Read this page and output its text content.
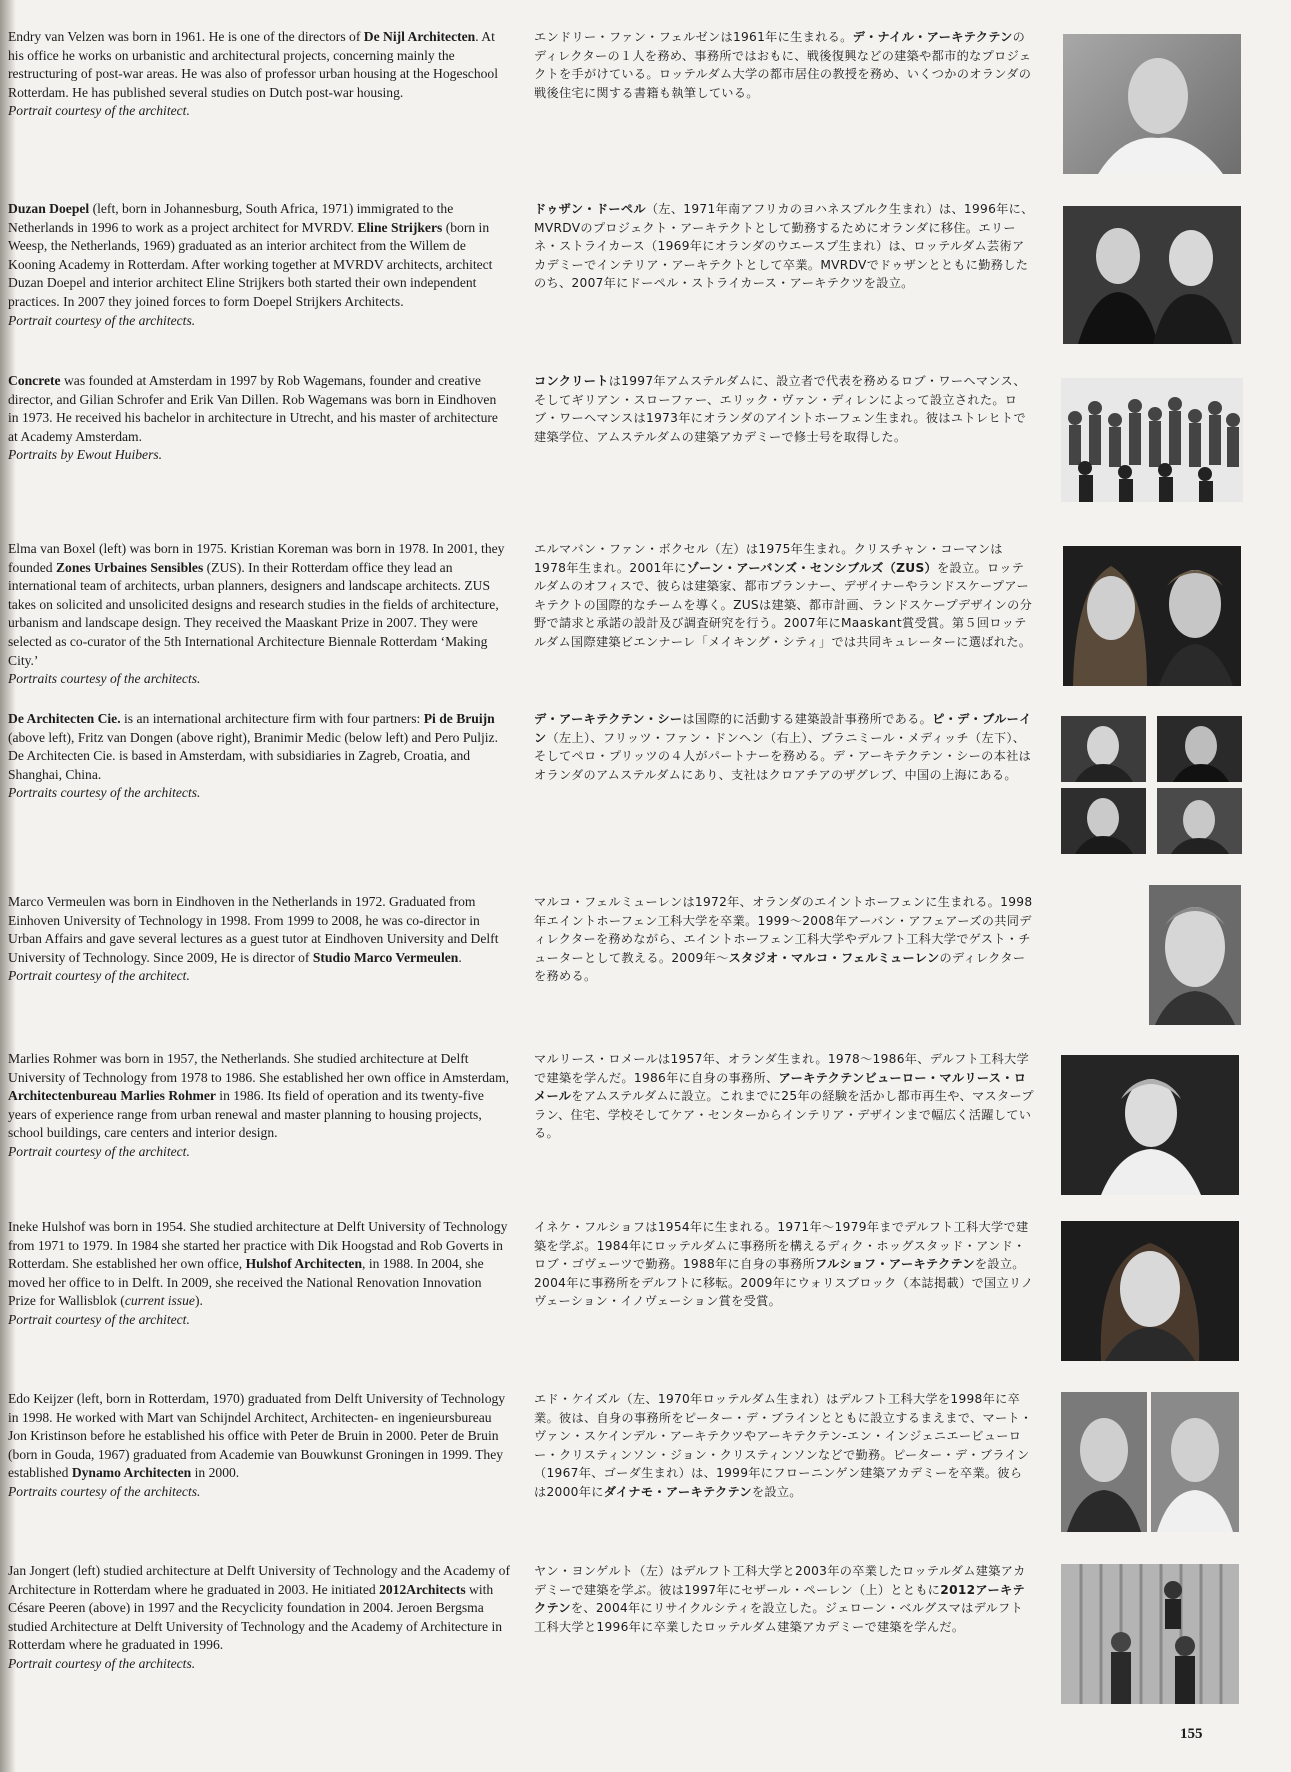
Endry van Velzen was born in 1961. He is one of the directors of De Nijl Architecten. At his office he works on urbanistic and architectural projects, concerning mainly the restructuring of post-war areas. He was also of professor urban housing at the Hogeschool Rotterdam. He has published several studies on Dutch post-war housing.
Portrait courtesy of the architect.

エンドリー・ファン・フェルゼンは1961年に生まれる。デ・ナイル・アーキテクテンのディレクターの１人を務め、事務所ではおもに、戦後復興などの建築や都市的なプロジェクトを手がけている。ロッテルダム大学の都市居住の教授を務め、いくつかのオランダの戦後住宅に関する書籍も執筆している。

Duzan Doepel (left, born in Johannesburg, South Africa, 1971) immigrated to the Netherlands in 1996 to work as a project architect for MVRDV. Eline Strijkers (born in Weesp, the Netherlands, 1969) graduated as an interior architect from the Willem de Kooning Academy in Rotterdam. After working together at MVRDV architects, architect Duzan Doepel and interior architect Eline Strijkers both started their own independent practices. In 2007 they joined forces to form Doepel Strijkers Architects.
Portrait courtesy of the architects.

ドゥザン・ドーペル（左、1971年南アフリカのヨハネスブルク生まれ）は、1996年に、MVRDVのプロジェクト・アーキテクトとして勤務するためにオランダに移住。エリーネ・ストライカース（1969年にオランダのウエースプ生まれ）は、ロッテルダム芸術アカデミーでインテリア・アーキテクトとして卒業。MVRDVでドゥザンとともに勤務したのち、2007年にドーペル・ストライカース・アーキテクツを設立。

Concrete was founded at Amsterdam in 1997 by Rob Wagemans, founder and creative director, and Gilian Schrofer and Erik Van Dillen. Rob Wagemans was born in Eindhoven in 1973. He received his bachelor in architecture in Utrecht, and his master of architecture at Academy Amsterdam.
Portraits by Ewout Huibers.

コンクリートは1997年アムステルダムに、設立者で代表を務めるロブ・ワーヘマンス、そしてギリアン・スローファー、エリック・ヴァン・ディレンによって設立された。ロブ・ワーヘマンスは1973年にオランダのアイントホーフェン生まれ。彼はユトレヒトで建築学位、アムステルダムの建築アカデミーで修士号を取得した。

Elma van Boxel (left) was born in 1975. Kristian Koreman was born in 1978. In 2001, they founded Zones Urbaines Sensibles (ZUS). In their Rotterdam office they lead an international team of architects, urban planners, designers and landscape architects. ZUS takes on solicited and unsolicited designs and research studies in the fields of architecture, urbanism and landscape design. They received the Maaskant Prize in 2007. They were selected as co-curator of the 5th International Architecture Biennale Rotterdam ‘Making City.’
Portraits courtesy of the architects.

エルマバン・ファン・ボクセル（左）は1975年生まれ。クリスチャン・コーマンは1978年生まれ。2001年にゾーン・アーバンズ・センシブルズ（ZUS）を設立。ロッテルダムのオフィスで、彼らは建築家、都市プランナー、デザイナーやランドスケープアーキテクトの国際的なチームを導く。ZUSは建築、都市計画、ランドスケープデザインの分野で請求と承諾の設計及び調査研究を行う。2007年にMaaskant賞受賞。第５回ロッテルダム国際建築ビエンナーレ「メイキング・シティ」では共同キュレーターに選ばれた。

De Architecten Cie. is an international architecture firm with four partners: Pi de Bruijn (above left), Fritz van Dongen (above right), Branimir Medic (below left) and Pero Puljiz. De Architecten Cie. is based in Amsterdam, with subsidiaries in Zagreb, Croatia, and Shanghai, China.
Portraits courtesy of the architects.

デ・アーキテクテン・シーは国際的に活動する建築設計事務所である。ピ・デ・ブルーイン（左上）、フリッツ・ファン・ドンヘン（右上）、ブラニミール・メディッチ（左下）、そしてペロ・プリッツの４人がパートナーを務める。デ・アーキテクテン・シーの本社はオランダのアムステルダムにあり、支社はクロアチアのザグレブ、中国の上海にある。

Marco Vermeulen was born in Eindhoven in the Netherlands in 1972. Graduated from Einhoven University of Technology in 1998. From 1999 to 2008, he was co-director in Urban Affairs and gave several lectures as a guest tutor at Eindhoven University and Delft University of Technology. Since 2009, He is director of Studio Marco Vermeulen.
Portrait courtesy of the architect.

マルコ・フェルミューレンは1972年、オランダのエイントホーフェンに生まれる。1998年エイントホーフェン工科大学を卒業。1999～2008年アーバン・アフェアーズの共同ディレクターを務めながら、エイントホーフェン工科大学やデルフト工科大学でゲスト・チューターとして教える。2009年～スタジオ・マルコ・フェルミューレンのディレクターを務める。

Marlies Rohmer was born in 1957, the Netherlands. She studied architecture at Delft University of Technology from 1978 to 1986. She established her own office in Amsterdam, Architectenbureau Marlies Rohmer in 1986. Its field of operation and its twenty-five years of experience range from urban renewal and master planning to housing projects, school buildings, care centers and interior design.
Portrait courtesy of the architect.

マルリース・ロメールは1957年、オランダ生まれ。1978～1986年、デルフト工科大学で建築を学んだ。1986年に自身の事務所、アーキテクテンビューロー・マルリース・ロメールをアムステルダムに設立。これまでに25年の経験を活かし都市再生や、マスタープラン、住宅、学校そしてケア・センターからインテリア・デザインまで幅広く活躍している。

Ineke Hulshof was born in 1954. She studied architecture at Delft University of Technology from 1971 to 1979. In 1984 she started her practice with Dik Hoogstad and Rob Goverts in Rotterdam. She established her own office, Hulshof Architecten, in 1988. In 2004, she moved her office to in Delft. In 2009, she received the National Renovation Innovation Prize for Wallisblok (current issue).
Portrait courtesy of the architect.

イネケ・フルショフは1954年に生まれる。1971年～1979年までデルフト工科大学で建築を学ぶ。1984年にロッテルダムに事務所を構えるディク・ホッグスタッド・アンド・ロブ・ゴヴェーツで勤務。1988年に自身の事務所フルショフ・アーキテクテンを設立。2004年に事務所をデルフトに移転。2009年にウォリスブロック（本誌掲載）で国立リノヴェーション・イノヴェーション賞を受賞。

Edo Keijzer (left, born in Rotterdam, 1970) graduated from Delft University of Technology in 1998. He worked with Mart van Schijndel Architect, Architecten- en ingenieursbureau Jon Kristinson before he established his office with Peter de Bruin in 2000. Peter de Bruin (born in Gouda, 1967) graduated from Academie van Bouwkunst Groningen in 1999. They established Dynamo Architecten in 2000.
Portraits courtesy of the architects.

エド・ケイズル（左、1970年ロッテルダム生まれ）はデルフト工科大学を1998年に卒業。彼は、自身の事務所をピーター・デ・ブラインとともに設立するまえまで、マート・ヴァン・スケインデル・アーキテクツやアーキテクテン-エン・インジェニエービューロー・クリスティンソン・ジョン・クリスティンソンなどで勤務。ピーター・デ・ブライン（1967年、ゴーダ生まれ）は、1999年にフローニンゲン建築アカデミーを卒業。彼らは2000年にダイナモ・アーキテクテンを設立。

Jan Jongert (left) studied architecture at Delft University of Technology and the Academy of Architecture in Rotterdam where he graduated in 2003. He initiated 2012Architects with Césare Peeren (above) in 1997 and the Recyclicity foundation in 2004. Jeroen Bergsma studied Architecture at Delft University of Technology and the Academy of Architecture in Rotterdam where he graduated in 1996.
Portrait courtesy of the architects.

ヤン・ヨンゲルト（左）はデルフト工科大学と2003年の卒業したロッテルダム建築アカデミーで建築を学ぶ。彼は1997年にセザール・ペーレン（上）とともに2012アーキテクテンを、2004年にリサイクルシティを設立した。ジェローン・ベルグスマはデルフト工科大学と1996年に卒業したロッテルダム建築アカデミーで建築を学んだ。

155
